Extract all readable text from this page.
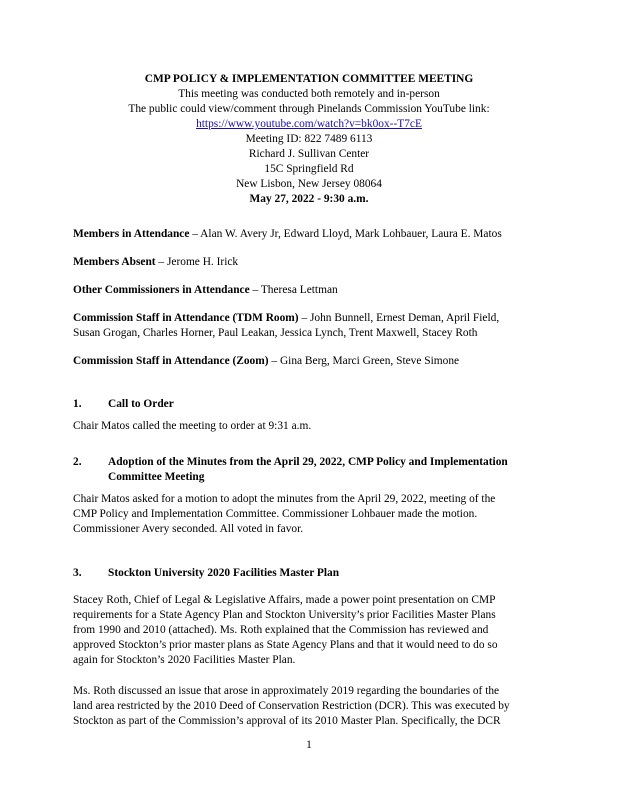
CMP POLICY & IMPLEMENTATION COMMITTEE MEETING
This meeting was conducted both remotely and in-person
The public could view/comment through Pinelands Commission YouTube link:
https://www.youtube.com/watch?v=bk0ox--T7cE
Meeting ID: 822 7489 6113
Richard J. Sullivan Center
15C Springfield Rd
New Lisbon, New Jersey 08064
May 27, 2022 - 9:30 a.m.
Members in Attendance – Alan W. Avery Jr, Edward Lloyd, Mark Lohbauer, Laura E. Matos
Members Absent – Jerome H. Irick
Other Commissioners in Attendance – Theresa Lettman
Commission Staff in Attendance (TDM Room) – John Bunnell, Ernest Deman, April Field,
Susan Grogan, Charles Horner, Paul Leakan, Jessica Lynch, Trent Maxwell, Stacey Roth
Commission Staff in Attendance (Zoom) – Gina Berg, Marci Green, Steve Simone
1. Call to Order
Chair Matos called the meeting to order at 9:31 a.m.
2. Adoption of the Minutes from the April 29, 2022, CMP Policy and Implementation
Committee Meeting
Chair Matos asked for a motion to adopt the minutes from the April 29, 2022, meeting of the
CMP Policy and Implementation Committee. Commissioner Lohbauer made the motion.
Commissioner Avery seconded. All voted in favor.
3. Stockton University 2020 Facilities Master Plan
Stacey Roth, Chief of Legal & Legislative Affairs, made a power point presentation on CMP
requirements for a State Agency Plan and Stockton University’s prior Facilities Master Plans
from 1990 and 2010 (attached). Ms. Roth explained that the Commission has reviewed and
approved Stockton’s prior master plans as State Agency Plans and that it would need to do so
again for Stockton’s 2020 Facilities Master Plan.
Ms. Roth discussed an issue that arose in approximately 2019 regarding the boundaries of the
land area restricted by the 2010 Deed of Conservation Restriction (DCR). This was executed by
Stockton as part of the Commission’s approval of its 2010 Master Plan. Specifically, the DCR
1
